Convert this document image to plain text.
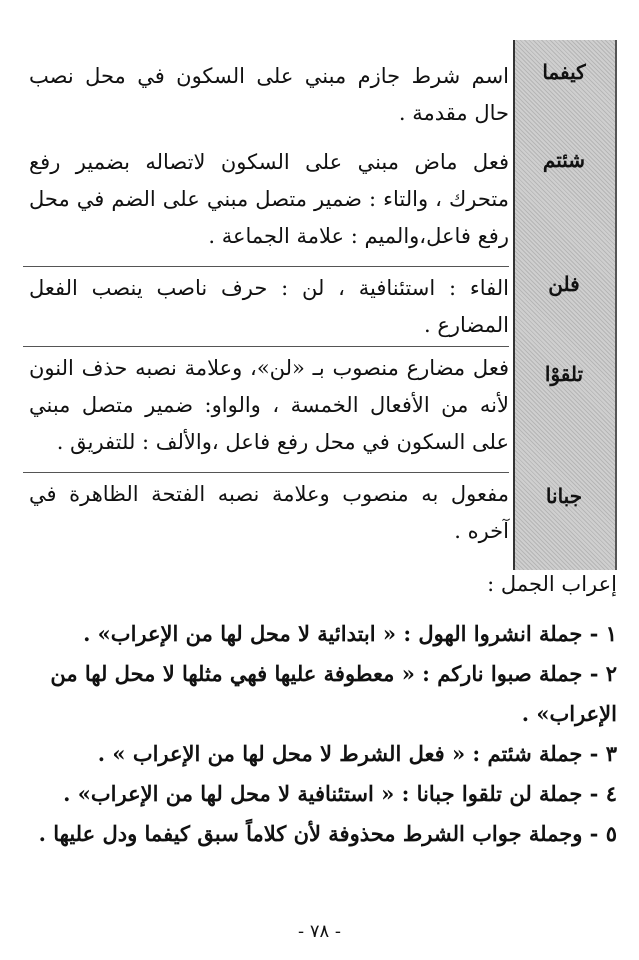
كيفما
شئتم
فلن
تلقوْا
جبانا
اسم شرط جازم مبني على السكون في محل نصب حال مقدمة .
فعل ماض مبني على السكون لاتصاله بضمير رفع متحرك ، والتاء : ضمير متصل مبني على الضم في محل رفع فاعل،والميم : علامة الجماعة .
الفاء : استئنافية ، لن : حرف ناصب ينصب الفعل المضارع .
فعل مضارع منصوب بـ «لن»، وعلامة نصبه حذف النون لأنه من الأفعال الخمسة ، والواو: ضمير متصل مبني على السكون في محل رفع فاعل ،والألف : للتفريق .
مفعول به منصوب وعلامة نصبه الفتحة الظاهرة في آخره .
إعراب الجمل :
١ - جملة انشروا الهول : « ابتدائية لا محل لها من الإعراب» .
٢ - جملة صبوا ناركم : « معطوفة عليها فهي مثلها لا محل لها من الإعراب» .
٣ - جملة شئتم : « فعل الشرط لا محل لها من الإعراب » .
٤ - جملة لن تلقوا جبانا : « استئنافية لا محل لها من الإعراب» .
٥ - وجملة جواب الشرط محذوفة لأن كلاماً سبق كيفما ودل عليها .
- ٧٨ -
